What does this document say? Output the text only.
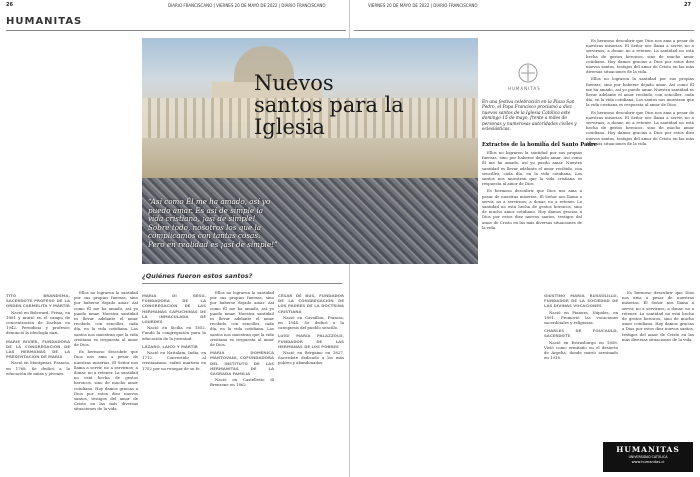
26	DIARIO FRANCISCANO | VIERNES 20 DE MAYO DE 2022 | DIARIO FRANCISCANO
HUMANITAS
TITO BRANDSMA, SACERDOTE PROFESO DE LA ORDEN CARMELITA Y MÁRTIR

Nació en Bolsward, Frisia, en 1881 y murió en el campo de concentración de Dachau en 1942. Periodista y profesor, denunció la ideología nazi.

MARIE RIVIER, FUNDADORA DE LA CONGREGACIÓN DE LAS HERMANAS DE LA PRESENTACIÓN DE MARÍA

Nació en Montpezat, Francia, en 1768. Se dedicó a la educación de niñas y jóvenes.

Ellos no lograron la santidad por sus propias fuerzas, sino por haberse dejado amar. Así como Él me ha amado, así yo puedo amar. Nuestra santidad es llevar adelante el amor recibido, con sencillez, cada día, en la vida cotidiana. Los santos nos muestran que la vida cristiana es respuesta al amor de Dios.

Es hermoso descubrir que Dios nos ama a pesar de nuestras miserias. El Señor nos llama a servir, no a servirnos; a donar, no a retener. La santidad no está hecha de gestos heroicos, sino de mucho amor cotidiano. Hoy damos gracias a Dios por estos diez nuevos santos, testigos del amor de Cristo en las más diversas situaciones de la vida.

MARIA DI GESÙ, FUNDADORA DE LA CONGREGACIÓN DE LAS HERMANAS CAPUCHINAS DE LA INMACULADA DE LOURDES

Nació en Sicilia en 1852. Fundó la congregación para la educación de la juventud.

LÁZARO, LAICO Y MÁRTIR

Nació en Nattalam, India, en 1712. Convertido al cristianismo, sufrió martirio en 1752 por no renegar de su fe.

Ellos no lograron la santidad por sus propias fuerzas, sino por haberse dejado amar. Así como Él me ha amado, así yo puedo amar. Nuestra santidad es llevar adelante el amor recibido, con sencillez, cada día, en la vida cotidiana. Los santos nos muestran que la vida cristiana es respuesta al amor de Dios.

MARIA DOMENICA MANTOVANI, COFUNDADORA DEL INSTITUTO DE LAS HERMANITAS DE LA SAGRADA FAMILIA

Nació en Castelletto di Brenzone en 1862.

CÉSAR DE BUS, FUNDADOR DE LA CONGREGACIÓN DE LOS PADRES DE LA DOCTRINA CRISTIANA

Nació en Cavaillon, Francia, en 1544. Se dedicó a la catequesis del pueblo sencillo.

LUIGI MARIA PALAZZOLO, FUNDADOR DE LAS HERMANAS DE LOS POBRES

Nació en Bérgamo en 1827. Sacerdote dedicado a los más pobres y abandonados.

VIERNES 20 DE MAYO DE 2022 | DIARIO FRANCISCANO	27

Es hermoso descubrir que Dios nos ama a pesar de nuestras miserias. El Señor nos llama a servir, no a servirnos; a donar, no a retener. La santidad no está hecha de gestos heroicos, sino de mucho amor cotidiano. Hoy damos gracias a Dios por estos diez nuevos santos, testigos del amor de Cristo en las más diversas situaciones de la vida.

Ellos no lograron la santidad por sus propias fuerzas, sino por haberse dejado amar. Así como Él me ha amado, así yo puedo amar. Nuestra santidad es llevar adelante el amor recibido, con sencillez, cada día, en la vida cotidiana. Los santos nos muestran que la vida cristiana es respuesta al amor de Dios.

Es hermoso descubrir que Dios nos ama a pesar de nuestras miserias. El Señor nos llama a servir, no a servirnos; a donar, no a retener. La santidad no está hecha de gestos heroicos, sino de mucho amor cotidiano. Hoy damos gracias a Dios por estos diez nuevos santos, testigos del amor de Cristo en las más diversas situaciones de la vida.

GIUSTINO MARIA RUSSOLILLO, FUNDADOR DE LA SOCIEDAD DE LAS DIVINAS VOCACIONES

Nació en Pianura, Nápoles, en 1891. Promovió las vocaciones sacerdotales y religiosas.

CHARLES DE FOUCAULD, SACERDOTE

Nació en Estrasburgo en 1858. Vivió como ermitaño en el desierto de Argelia, donde murió asesinado en 1916.

Es hermoso descubrir que Dios nos ama a pesar de nuestras miserias. El Señor nos llama a servir, no a servirnos; a donar, no a retener. La santidad no está hecha de gestos heroicos, sino de mucho amor cotidiano. Hoy damos gracias a Dios por estos diez nuevos santos, testigos del amor de Cristo en las más diversas situaciones de la vida.

“Así como Él me ha amado, así yo puedo amar. Es así de simple la vida cristiana, ¡así de simple! Sobre todo, nosotros los que la complicamos con tantas cosas. Pero en realidad es ¡así de simple!”
Nuevos santos para la Iglesia
HUMANITAS
En una festiva celebración en la Plaza San Pedro, el Papa Francisco proclamó a diez nuevos santos de la Iglesia Católica este domingo 15 de mayo, frente a miles de personas y numerosas autoridades civiles y eclesiásticas.
Extractos de la homilía del Santo Padre

Ellos no lograron la santidad por sus propias fuerzas, sino por haberse dejado amar. Así como Él me ha amado, así yo puedo amar. Nuestra santidad es llevar adelante el amor recibido, con sencillez, cada día, en la vida cotidiana. Los santos nos muestran que la vida cristiana es respuesta al amor de Dios.

Es hermoso descubrir que Dios nos ama a pesar de nuestras miserias. El Señor nos llama a servir, no a servirnos; a donar, no a retener. La santidad no está hecha de gestos heroicos, sino de mucho amor cotidiano. Hoy damos gracias a Dios por estos diez nuevos santos, testigos del amor de Cristo en las más diversas situaciones de la vida.

¿Quiénes fueron estos santos?
HUMANITAS
UNIVERSIDAD CATÓLICA
www.humanitas.cl
